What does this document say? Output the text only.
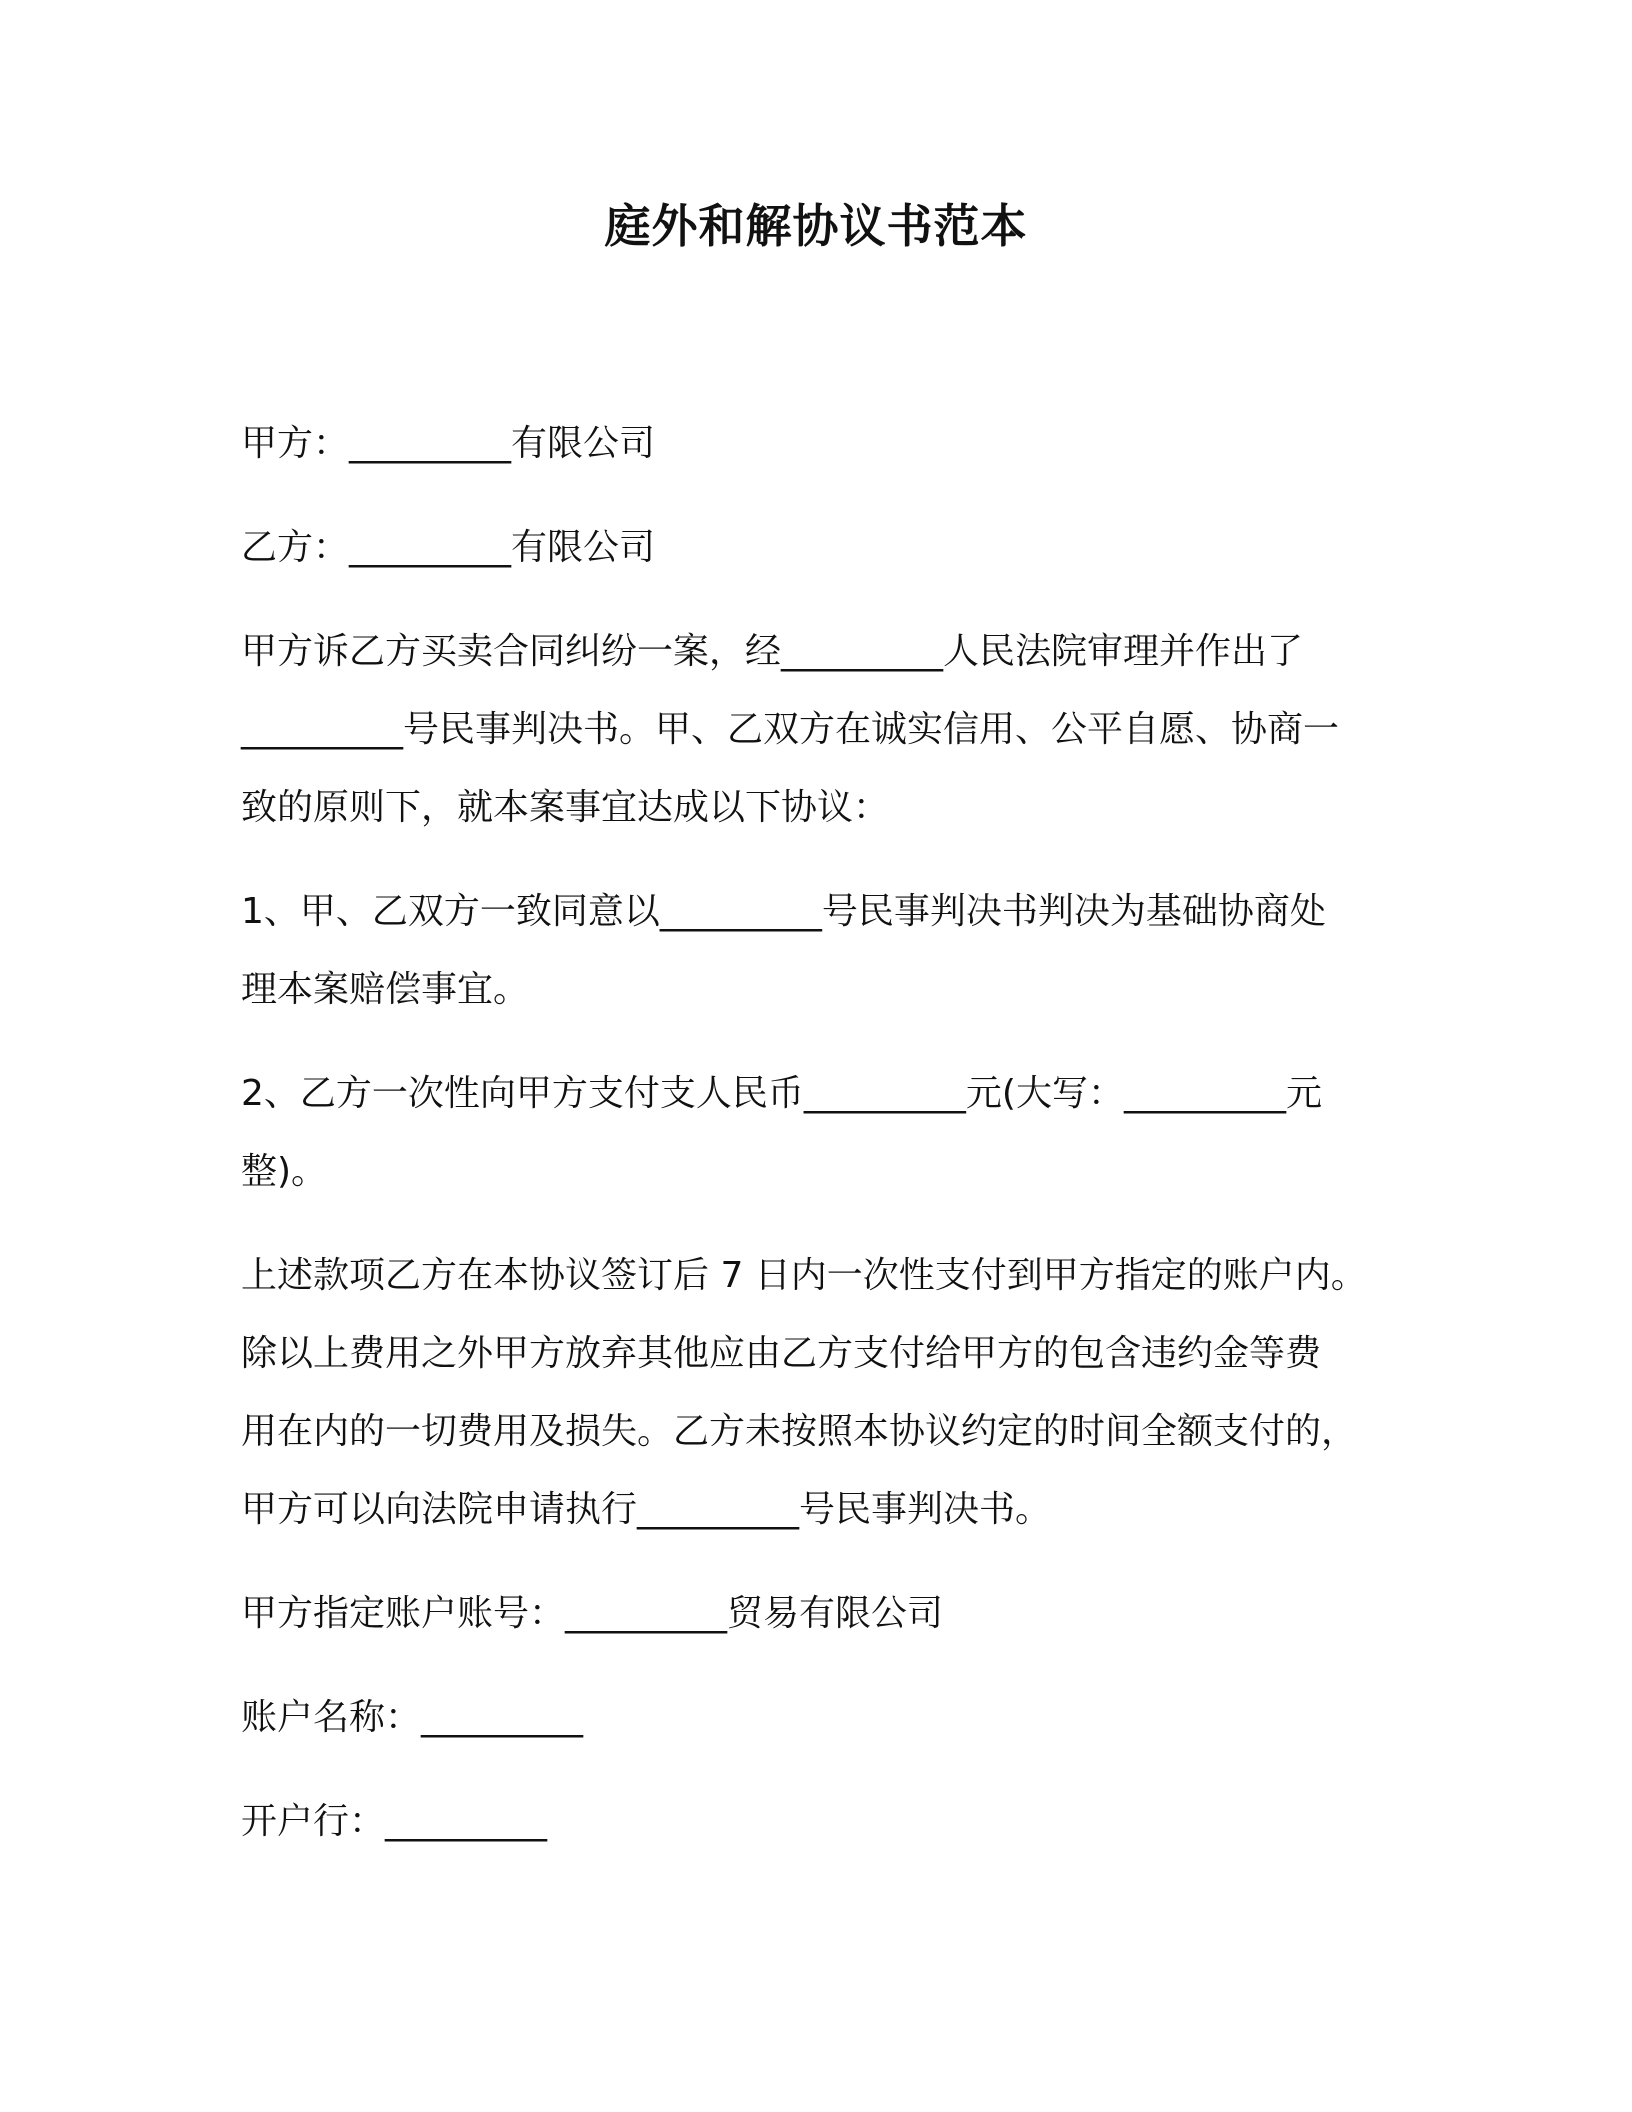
庭外和解协议书范本
甲方：_________有限公司
乙方：_________有限公司
甲方诉乙方买卖合同纠纷一案，经_________人民法院审理并作出了
_________号民事判决书。甲、乙双方在诚实信用、公平自愿、协商一
致的原则下，就本案事宜达成以下协议：
1、甲、乙双方一致同意以_________号民事判决书判决为基础协商处
理本案赔偿事宜。
2、乙方一次性向甲方支付支人民币_________元(大写：_________元
整)。
上述款项乙方在本协议签订后 7 日内一次性支付到甲方指定的账户内。
除以上费用之外甲方放弃其他应由乙方支付给甲方的包含违约金等费
用在内的一切费用及损失。乙方未按照本协议约定的时间全额支付的，
甲方可以向法院申请执行_________号民事判决书。
甲方指定账户账号：_________贸易有限公司
账户名称：_________
开户行：_________
